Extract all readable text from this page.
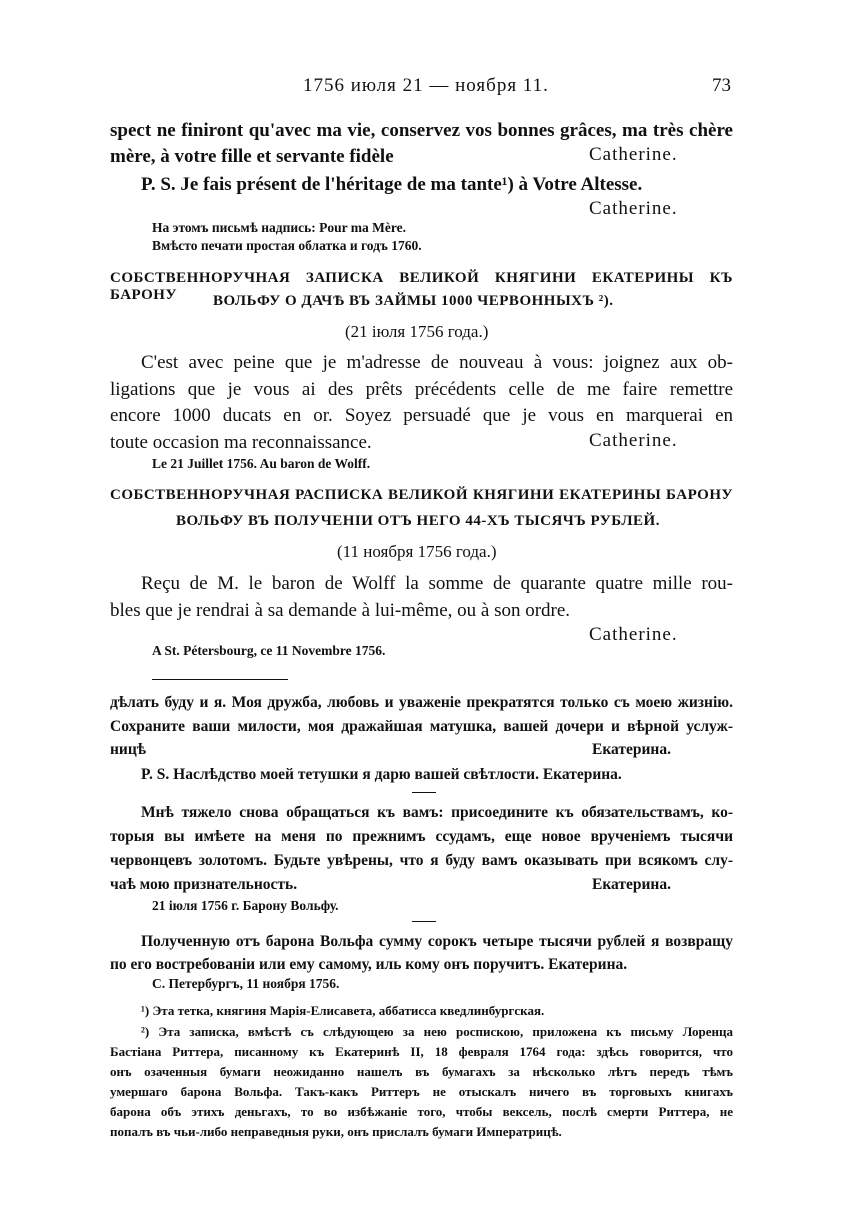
1756 июля 21 — ноября 11.	73
spect ne finiront qu'avec ma vie, conservez vos bonnes grâces, ma très chère
mère, à votre fille et servante fidèle	Catherine.
P. S. Je fais présent de l'héritage de ma tante¹) à Votre Altesse.
Catherine.
На этомъ письмѣ надпись: Pour ma Mère.
Вмѣсто печати простая облатка и годъ 1760.
СОБСТВЕННОРУЧНАЯ ЗАПИСКА ВЕЛИКОЙ КНЯГИНИ ЕКАТЕРИНЫ КЪ БАРОНУ	ВОЛЬФУ О ДАЧѢ ВЪ ЗАЙМЫ 1000 ЧЕРВОННЫХЪ ²).
(21 іюля 1756 года.)
C'est avec peine que je m'adresse de nouveau à vous: joignez aux ob-
ligations que je vous ai des prêts précédents celle de me faire remettre
encore 1000 ducats en or. Soyez persuadé que je vous en marquerai en
toute occasion ma reconnaissance.	Catherine.
Le 21 Juillet 1756. Au baron de Wolff.
СОБСТВЕННОРУЧНАЯ РАСПИСКА ВЕЛИКОЙ КНЯГИНИ ЕКАТЕРИНЫ БАРОНУ
ВОЛЬФУ ВЪ ПОЛУЧЕНІИ ОТЪ НЕГО 44-ХЪ ТЫСЯЧЪ РУБЛЕЙ.
(11 ноября 1756 года.)
Reçu de M. le baron de Wolff la somme de quarante quatre mille rou-
bles que je rendrai à sa demande à lui-même, ou à son ordre.
Catherine.
A St. Pétersbourg, ce 11 Novembre 1756.
дѣлать буду и я. Моя дружба, любовь и уваженіе прекратятся только съ моею жизнію.
Сохраните ваши милости, моя дражайшая матушка, вашей дочери и вѣрной услуж-
ницѣ	Екатерина.
P. S. Наслѣдство моей тетушки я дарю вашей свѣтлости. Екатерина.
Мнѣ тяжело снова обращаться къ вамъ: присоедините къ обязательствамъ, ко-
торыя вы имѣете на меня по прежнимъ ссудамъ, еще новое врученіемъ тысячи
червонцевъ золотомъ. Будьте увѣрены, что я буду вамъ оказывать при всякомъ слу-
чаѣ мою признательность.	Екатерина.
21 іюля 1756 г. Барону Вольфу.
Полученную отъ барона Вольфа сумму сорокъ четыре тысячи рублей я возвращу
по его востребованіи или ему самому, иль кому онъ поручитъ. Екатерина.
С. Петербургъ, 11 ноября 1756.
¹) Эта тетка, княгиня Марія-Елисавета, аббатисса кведлинбургская.
²) Эта записка, вмѣстѣ съ слѣдующею за нею роспискою, приложена къ письму Лоренца
Бастіана Риттера, писанному къ Екатеринѣ II, 18 февраля 1764 года: здѣсь говорится, что
онъ озаченныя бумаги неожиданно нашелъ въ бумагахъ за нѣсколько лѣтъ передъ тѣмъ
умершаго барона Вольфа. Такъ-какъ Риттеръ не отыскалъ ничего въ торговыхъ книгахъ
барона объ этихъ деньгахъ, то во избѣжаніе того, чтобы вексель, послѣ смерти Риттера, не
попалъ въ чьи-либо неправедныя руки, онъ прислалъ бумаги Императрицѣ.
